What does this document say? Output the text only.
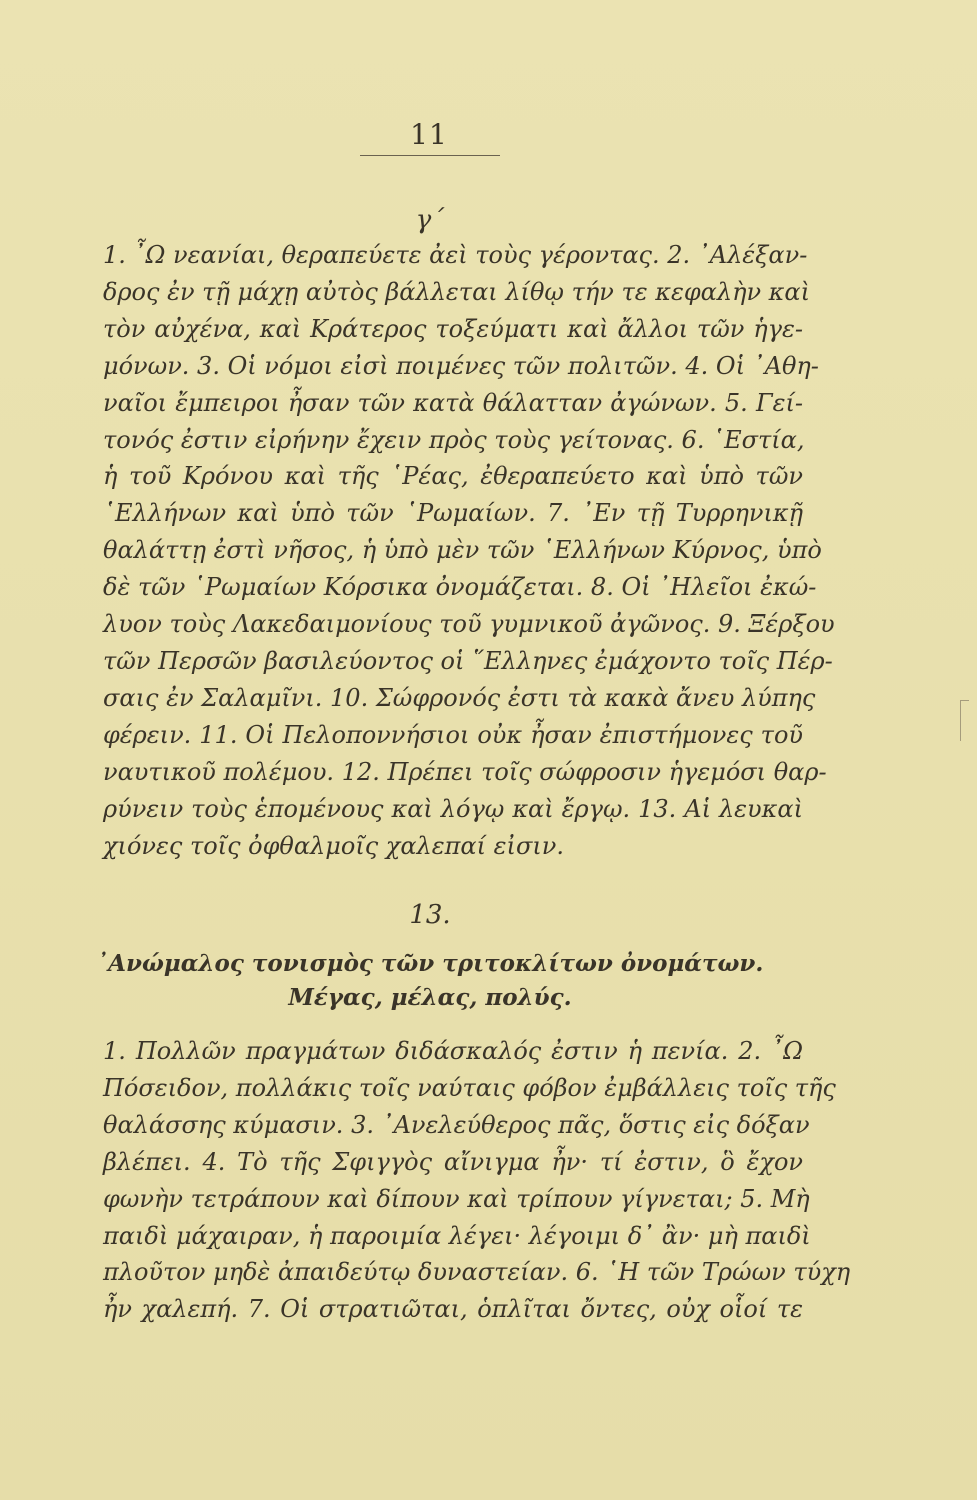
11
γ΄
1. ῏Ω νεανίαι, θεραπεύετε ἀεὶ τοὺς γέροντας. 2. ᾽Αλέξαν-
δρος ἐν τῇ μάχῃ αὐτὸς βάλλεται λίθῳ τήν τε κεφαλὴν καὶ
τὸν αὐχένα, καὶ Κράτερος τοξεύματι καὶ ἄλλοι τῶν ἡγε-
μόνων. 3. Οἱ νόμοι εἰσὶ ποιμένες τῶν πολιτῶν. 4. Οἱ ᾽Αθη-
ναῖοι ἔμπειροι ἦσαν τῶν κατὰ θάλατταν ἀγώνων. 5. Γεί-
τονός ἐστιν εἰρήνην ἔχειν πρὸς τοὺς γείτονας. 6. ῾Εστία,
ἡ τοῦ Κρόνου καὶ τῆς ῾Ρέας, ἐθεραπεύετο καὶ ὑπὸ τῶν
῾Ελλήνων καὶ ὑπὸ τῶν ῾Ρωμαίων. 7. ᾽Εν τῇ Τυρρηνικῇ
θαλάττῃ ἐστὶ νῆσος, ἡ ὑπὸ μὲν τῶν ῾Ελλήνων Κύρνος, ὑπὸ
δὲ τῶν ῾Ρωμαίων Κόρσικα ὀνομάζεται. 8. Οἱ ᾽Ηλεῖοι ἐκώ-
λυον τοὺς Λακεδαιμονίους τοῦ γυμνικοῦ ἀγῶνος. 9. Ξέρξου
τῶν Περσῶν βασιλεύοντος οἱ ῞Ελληνες ἐμάχοντο τοῖς Πέρ-
σαις ἐν Σαλαμῖνι. 10. Σώφρονός ἐστι τὰ κακὰ ἄνευ λύπης
φέρειν. 11. Οἱ Πελοποννήσιοι οὐκ ἦσαν ἐπιστήμονες τοῦ
ναυτικοῦ πολέμου. 12. Πρέπει τοῖς σώφροσιν ἡγεμόσι θαρ-
ρύνειν τοὺς ἑπομένους καὶ λόγῳ καὶ ἔργῳ. 13. Αἱ λευκαὶ
χιόνες τοῖς ὀφθαλμοῖς χαλεπαί εἰσιν.
13.
᾽Ανώμαλος τονισμὸς τῶν τριτοκλίτων ὀνομάτων.
Μέγας, μέλας, πολύς.
1. Πολλῶν πραγμάτων διδάσκαλός ἐστιν ἡ πενία. 2. ῏Ω
Πόσειδον, πολλάκις τοῖς ναύταις φόβον ἐμβάλλεις τοῖς τῆς
θαλάσσης κύμασιν. 3. ᾽Ανελεύθερος πᾶς, ὅστις εἰς δόξαν
βλέπει. 4. Τὸ τῆς Σφιγγὸς αἴνιγμα ἦν· τί ἐστιν, ὃ ἔχον
φωνὴν τετράπουν καὶ δίπουν καὶ τρίπουν γίγνεται; 5. Μὴ
παιδὶ μάχαιραν, ἡ παροιμία λέγει· λέγοιμι δ᾽ ἂν· μὴ παιδὶ
πλοῦτον μηδὲ ἀπαιδεύτῳ δυναστείαν. 6. ῾Η τῶν Τρώων τύχη
ἦν χαλεπή. 7. Οἱ στρατιῶται, ὁπλῖται ὄντες, οὐχ οἷοί τε
